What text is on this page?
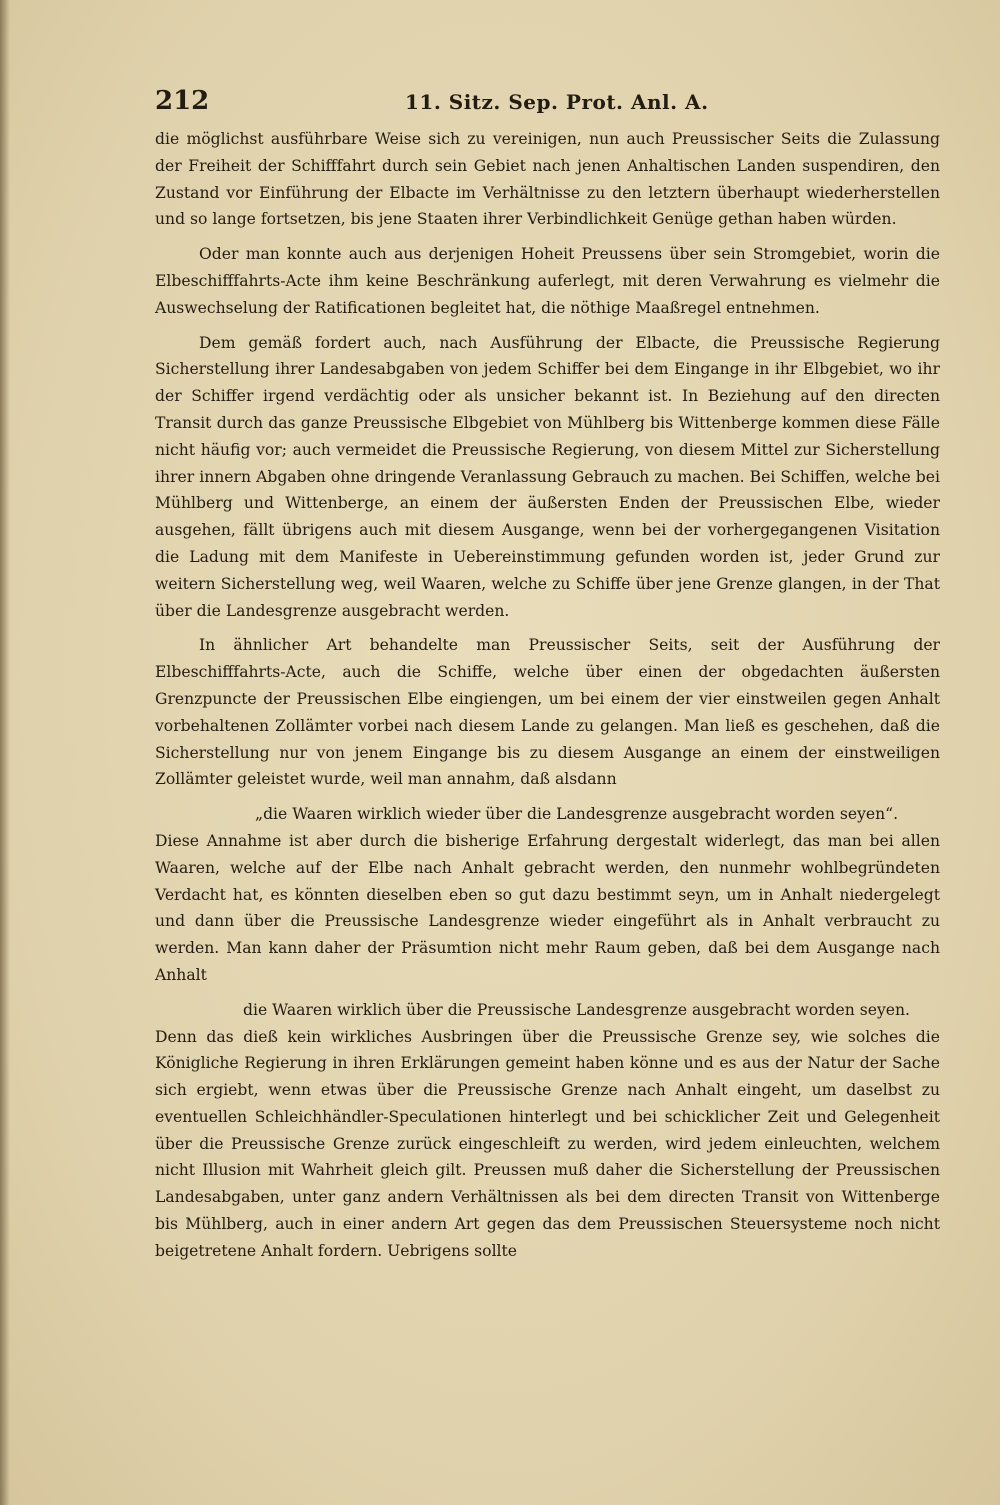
212	11. Sitz. Sep. Prot. Anl. A.

die möglichst ausführbare Weise sich zu vereinigen, nun auch Preussischer Seits die Zulassung der Freiheit der Schifffahrt durch sein Gebiet nach jenen Anhaltischen Landen suspendiren, den Zustand vor Einführung der Elbacte im Verhältnisse zu den letztern überhaupt wiederherstellen und so lange fortsetzen, bis jene Staaten ihrer Verbindlichkeit Genüge gethan haben würden.

Oder man konnte auch aus derjenigen Hoheit Preussens über sein Stromgebiet, worin die Elbeschifffahrts-Acte ihm keine Beschränkung auferlegt, mit deren Verwahrung es vielmehr die Auswechselung der Ratificationen begleitet hat, die nöthige Maaßregel entnehmen.

Dem gemäß fordert auch, nach Ausführung der Elbacte, die Preussische Regierung Sicherstellung ihrer Landesabgaben von jedem Schiffer bei dem Eingange in ihr Elbgebiet, wo ihr der Schiffer irgend verdächtig oder als unsicher bekannt ist. In Beziehung auf den directen Transit durch das ganze Preussische Elbgebiet von Mühlberg bis Wittenberge kommen diese Fälle nicht häufig vor; auch vermeidet die Preussische Regierung, von diesem Mittel zur Sicherstellung ihrer innern Abgaben ohne dringende Veranlassung Gebrauch zu machen. Bei Schiffen, welche bei Mühlberg und Wittenberge, an einem der äußersten Enden der Preussischen Elbe, wieder ausgehen, fällt übrigens auch mit diesem Ausgange, wenn bei der vorhergegangenen Visitation die Ladung mit dem Manifeste in Uebereinstimmung gefunden worden ist, jeder Grund zur weitern Sicherstellung weg, weil Waaren, welche zu Schiffe über jene Grenze glangen, in der That über die Landesgrenze ausgebracht werden.

In ähnlicher Art behandelte man Preussischer Seits, seit der Ausführung der Elbeschifffahrts-Acte, auch die Schiffe, welche über einen der obgedachten äußersten Grenzpuncte der Preussischen Elbe eingiengen, um bei einem der vier einstweilen gegen Anhalt vorbehaltenen Zollämter vorbei nach diesem Lande zu gelangen. Man ließ es geschehen, daß die Sicherstellung nur von jenem Eingange bis zu diesem Ausgange an einem der einstweiligen Zollämter geleistet wurde, weil man annahm, daß alsdann

„die Waaren wirklich wieder über die Landesgrenze ausgebracht worden seyen“.

Diese Annahme ist aber durch die bisherige Erfahrung dergestalt widerlegt, das man bei allen Waaren, welche auf der Elbe nach Anhalt gebracht werden, den nunmehr wohlbegründeten Verdacht hat, es könnten dieselben eben so gut dazu bestimmt seyn, um in Anhalt niedergelegt und dann über die Preussische Landesgrenze wieder eingeführt als in Anhalt verbraucht zu werden. Man kann daher der Präsumtion nicht mehr Raum geben, daß bei dem Ausgange nach Anhalt

die Waaren wirklich über die Preussische Landesgrenze ausgebracht worden seyen.

Denn das dieß kein wirkliches Ausbringen über die Preussische Grenze sey, wie solches die Königliche Regierung in ihren Erklärungen gemeint haben könne und es aus der Natur der Sache sich ergiebt, wenn etwas über die Preussische Grenze nach Anhalt eingeht, um daselbst zu eventuellen Schleichhändler-Speculationen hinterlegt und bei schicklicher Zeit und Gelegenheit über die Preussische Grenze zurück eingeschleift zu werden, wird jedem einleuchten, welchem nicht Illusion mit Wahrheit gleich gilt. Preussen muß daher die Sicherstellung der Preussischen Landesabgaben, unter ganz andern Verhältnissen als bei dem directen Transit von Wittenberge bis Mühlberg, auch in einer andern Art gegen das dem Preussischen Steuersysteme noch nicht beigetretene Anhalt fordern. Uebrigens sollte
